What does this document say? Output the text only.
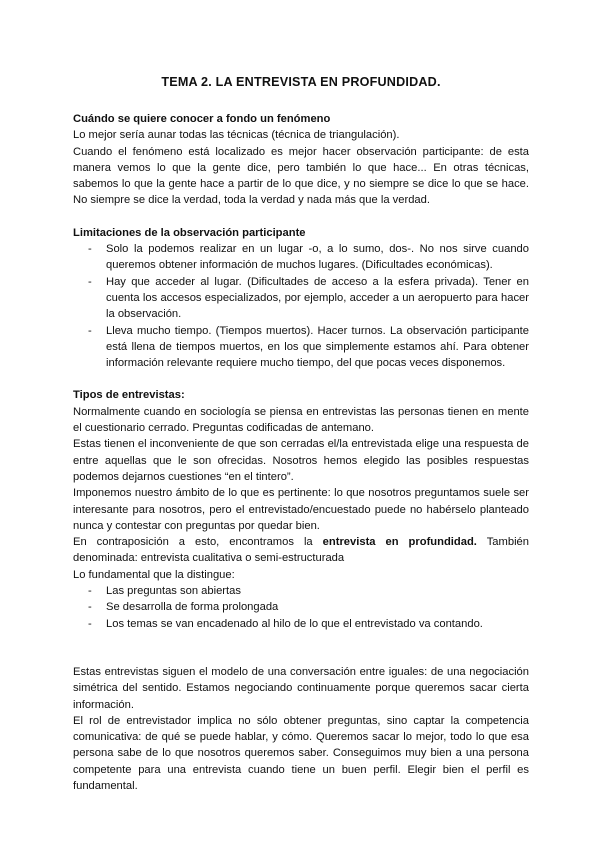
TEMA 2. LA ENTREVISTA EN PROFUNDIDAD.

Cuándo se quiere conocer a fondo un fenómeno

Lo mejor sería aunar todas las técnicas (técnica de triangulación).

Cuando el fenómeno está localizado es mejor hacer observación participante: de esta manera vemos lo que la gente dice, pero también lo que hace... En otras técnicas, sabemos lo que la gente hace a partir de lo que dice, y no siempre se dice lo que se hace. No siempre se dice la verdad, toda la verdad y nada más que la verdad.

Limitaciones de la observación participante

- Solo la podemos realizar en un lugar -o, a lo sumo, dos-. No nos sirve cuando queremos obtener información de muchos lugares. (Dificultades económicas).
- Hay que acceder al lugar. (Dificultades de acceso a la esfera privada). Tener en cuenta los accesos especializados, por ejemplo, acceder a un aeropuerto para hacer la observación.
- Lleva mucho tiempo. (Tiempos muertos). Hacer turnos. La observación participante está llena de tiempos muertos, en los que simplemente estamos ahí. Para obtener información relevante requiere mucho tiempo, del que pocas veces disponemos.

Tipos de entrevistas:

Normalmente cuando en sociología se piensa en entrevistas las personas tienen en mente el cuestionario cerrado. Preguntas codificadas de antemano.

Estas tienen el inconveniente de que son cerradas el/la entrevistada elige una respuesta de entre aquellas que le son ofrecidas. Nosotros hemos elegido las posibles respuestas podemos dejarnos cuestiones “en el tintero”.

Imponemos nuestro ámbito de lo que es pertinente: lo que nosotros preguntamos suele ser interesante para nosotros, pero el entrevistado/encuestado puede no habérselo planteado nunca y contestar con preguntas por quedar bien.

En contraposición a esto, encontramos la entrevista en profundidad. También denominada: entrevista cualitativa o semi-estructurada

Lo fundamental que la distingue:

- Las preguntas son abiertas
- Se desarrolla de forma prolongada
- Los temas se van encadenado al hilo de lo que el entrevistado va contando.

Estas entrevistas siguen el modelo de una conversación entre iguales: de una negociación simétrica del sentido. Estamos negociando continuamente porque queremos sacar cierta información.

El rol de entrevistador implica no sólo obtener preguntas, sino captar la competencia comunicativa: de qué se puede hablar, y cómo. Queremos sacar lo mejor, todo lo que esa persona sabe de lo que nosotros queremos saber. Conseguimos muy bien a una persona competente para una entrevista cuando tiene un buen perfil. Elegir bien el perfil es fundamental.
